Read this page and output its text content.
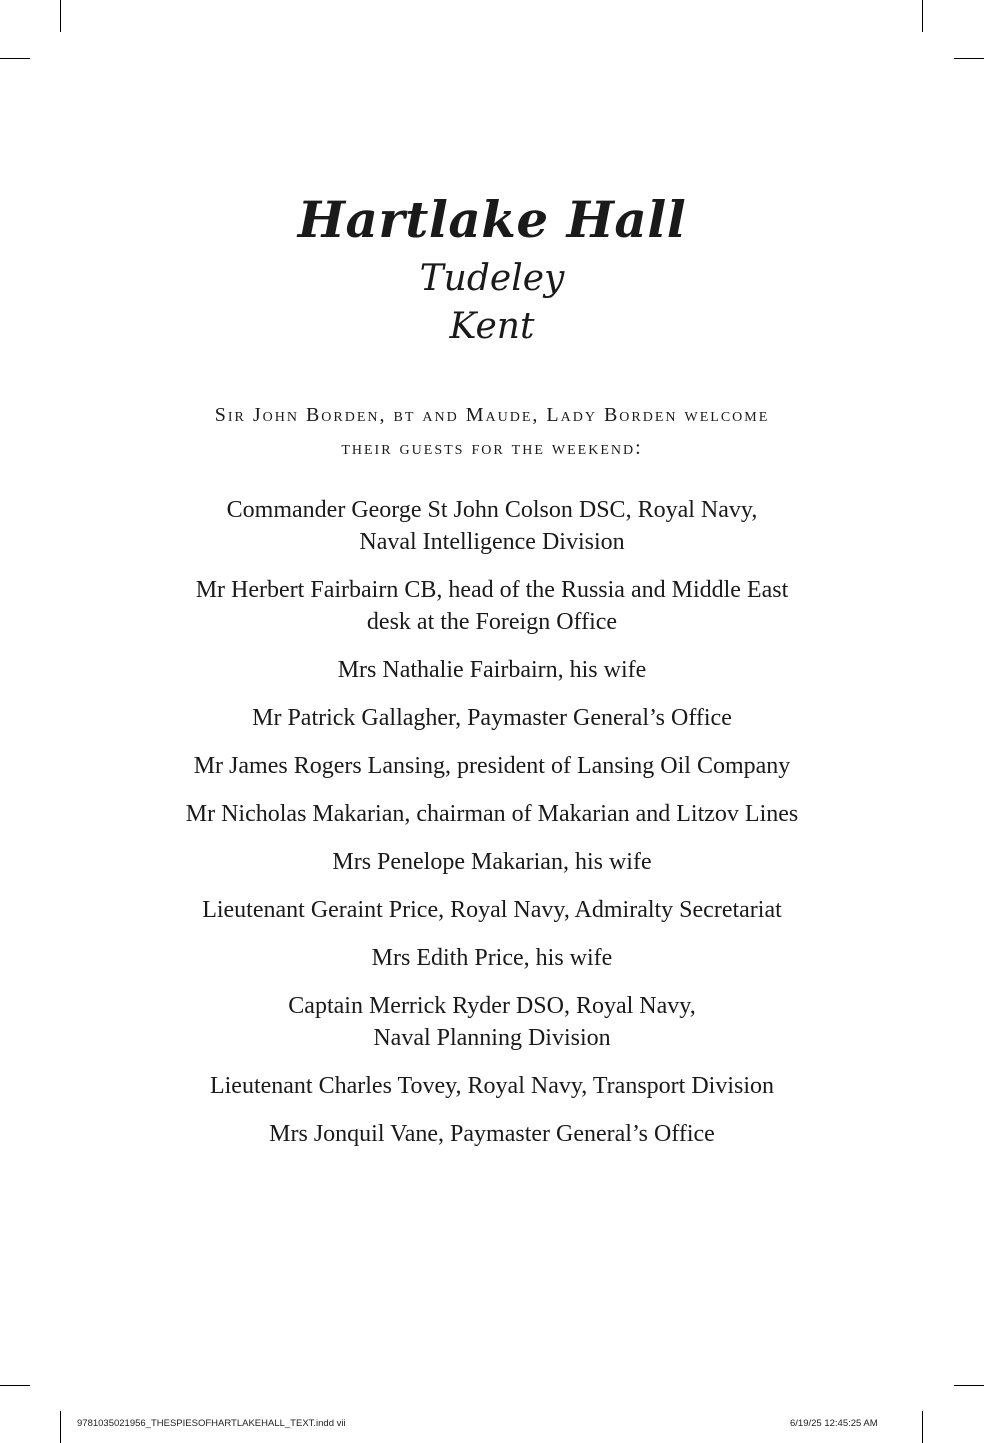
Hartlake Hall
Tudeley
Kent
Sir John Borden, bt and Maude, Lady Borden welcome
their guests for the weekend:
Commander George St John Colson DSC, Royal Navy,
Naval Intelligence Division
Mr Herbert Fairbairn CB, head of the Russia and Middle East
desk at the Foreign Office
Mrs Nathalie Fairbairn, his wife
Mr Patrick Gallagher, Paymaster General’s Office
Mr James Rogers Lansing, president of Lansing Oil Company
Mr Nicholas Makarian, chairman of Makarian and Litzov Lines
Mrs Penelope Makarian, his wife
Lieutenant Geraint Price, Royal Navy, Admiralty Secretariat
Mrs Edith Price, his wife
Captain Merrick Ryder DSO, Royal Navy,
Naval Planning Division
Lieutenant Charles Tovey, Royal Navy, Transport Division
Mrs Jonquil Vane, Paymaster General’s Office
9781035021956_THESPIESOFHARTLAKEHALL_TEXT.indd vii	6/19/25 12:45:25 AM
